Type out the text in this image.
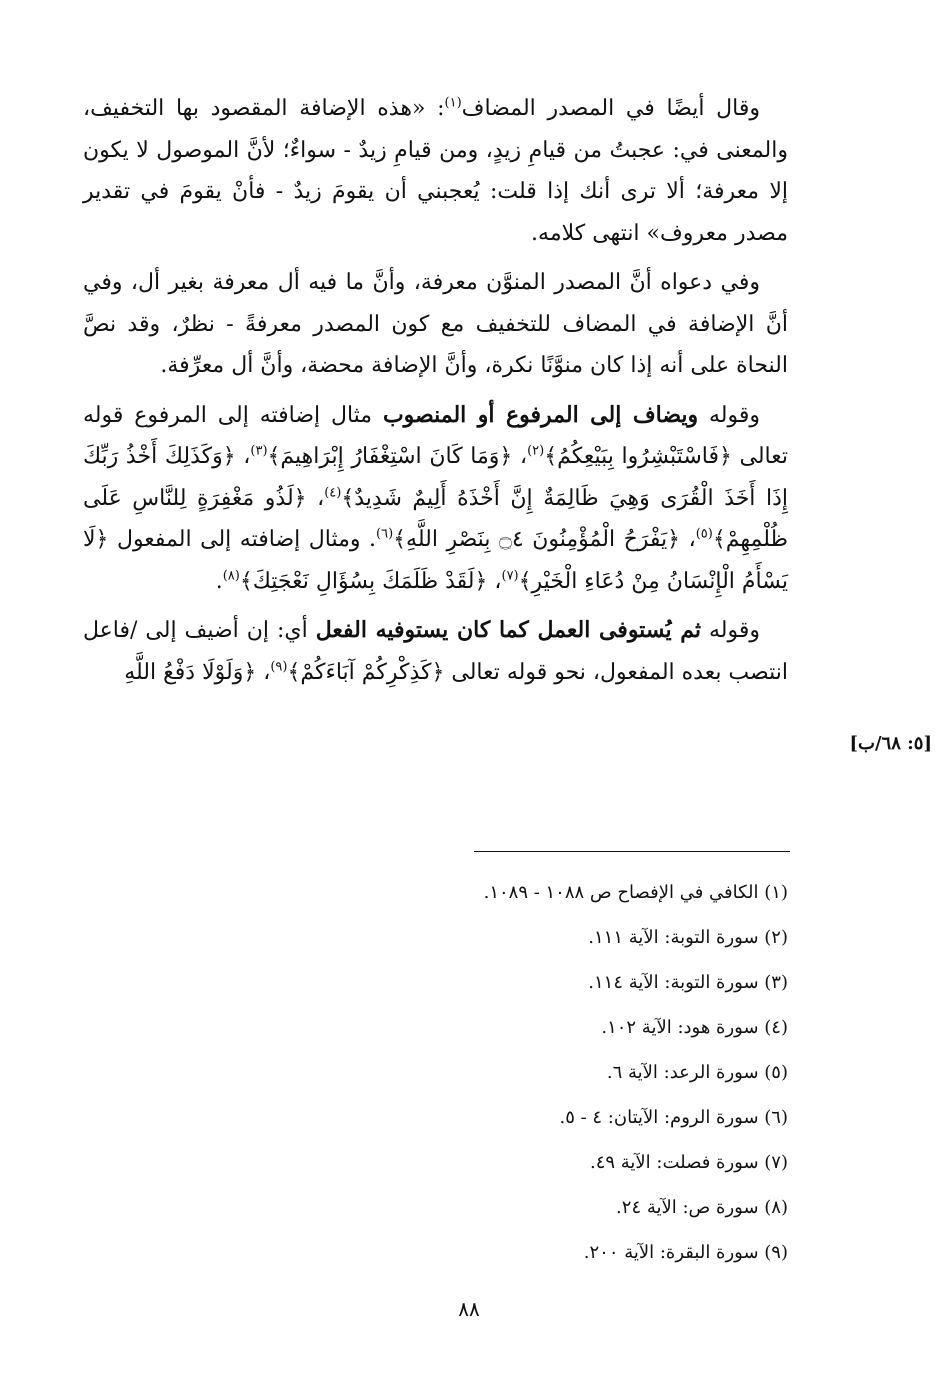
وقال أيضًا في المصدر المضاف$^{(١)}$: «هذه الإضافة المقصود بها التخفيف، والمعنى في: عجبتُ من قيامِ زيدٍ، ومن قيامِ زيدٌ - سواءٌ؛ لأنَّ الموصول لا يكون إلا معرفة؛ ألا ترى أنك إذا قلت: يُعجبني أن يقومَ زيدٌ - فأنْ يقومَ في تقدير مصدر معروف» انتهى كلامه.

وفي دعواه أنَّ المصدر المنوَّن معرفة، وأنَّ ما فيه أل معرفة بغير أل، وفي أنَّ الإضافة في المضاف للتخفيف مع كون المصدر معرفةً - نظرٌ، وقد نصَّ النحاة على أنه إذا كان منوَّنًا نكرة، وأنَّ الإضافة محضة، وأنَّ أل معرِّفة.

وقوله ويضاف إلى المرفوع أو المنصوب مثال إضافته إلى المرفوع قوله تعالى ﴿فَاسْتَبْشِرُوا بِبَيْعِكُمُ﴾$^{(٢)}$، ﴿وَمَا كَانَ اسْتِغْفَارُ إِبْرَاهِيمَ﴾$^{(٣)}$، ﴿وَكَذَلِكَ أَخْذُ رَبِّكَ إِذَا أَخَذَ الْقُرَى وَهِيَ ظَالِمَةٌ إِنَّ أَخْذَهُ أَلِيمٌ شَدِيدٌ﴾$^{(٤)}$، ﴿لَذُو مَغْفِرَةٍ لِلنَّاسِ عَلَى ظُلْمِهِمْ﴾$^{(٥)}$، ﴿يَفْرَحُ الْمُؤْمِنُونَ ۝٤ بِنَصْرِ اللَّهِ﴾$^{(٦)}$. ومثال إضافته إلى المفعول ﴿لَا يَسْأَمُ الْإِنْسَانُ مِنْ دُعَاءِ الْخَيْرِ﴾$^{(٧)}$، ﴿لَقَدْ ظَلَمَكَ بِسُؤَالِ نَعْجَتِكَ﴾$^{(٨)}$.

وقوله ثم يُستوفى العمل كما كان يستوفيه الفعل أي: إن أضيف إلى /فاعل انتصب بعده المفعول، نحو قوله تعالى ﴿كَذِكْرِكُمْ آبَاءَكُمْ﴾$^{(٩)}$، ﴿وَلَوْلَا دَفْعُ اللَّهِ

[٥: ٦٨/ب]
(١) الكافي في الإفصاح ص ١٠٨٨ - ١٠٨٩.
(٢) سورة التوبة: الآية ١١١.
(٣) سورة التوبة: الآية ١١٤.
(٤) سورة هود: الآية ١٠٢.
(٥) سورة الرعد: الآية ٦.
(٦) سورة الروم: الآيتان: ٤ - ٥.
(٧) سورة فصلت: الآية ٤٩.
(٨) سورة ص: الآية ٢٤.
(٩) سورة البقرة: الآية ٢٠٠.
٨٨
